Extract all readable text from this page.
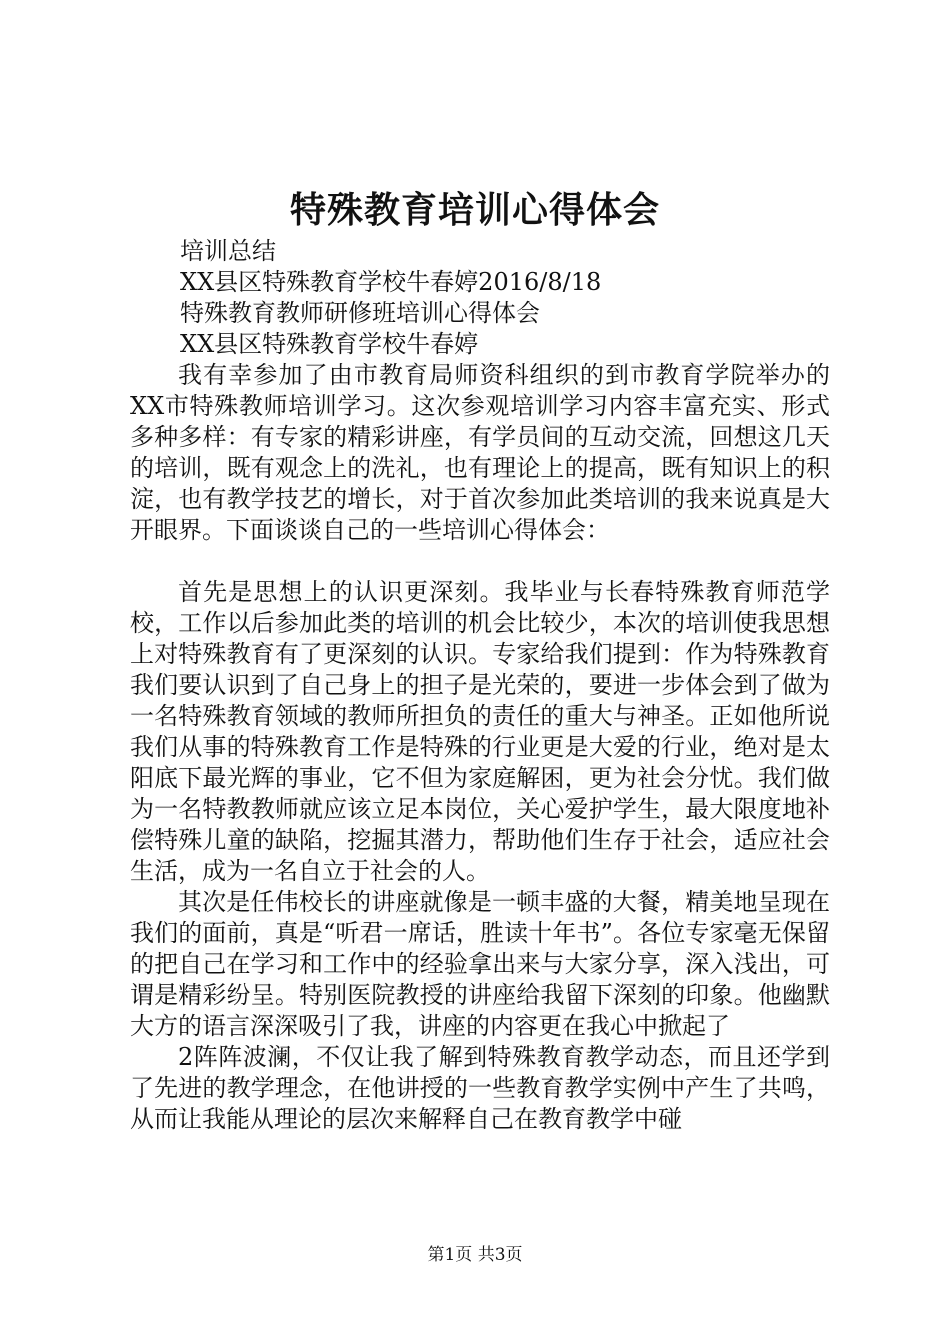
特殊教育培训心得体会

培训总结

XX县区特殊教育学校牛春婷2016/8/18

特殊教育教师研修班培训心得体会

XX县区特殊教育学校牛春婷

我有幸参加了由市教育局师资科组织的到市教育学院举办的XX市特殊教师培训学习。这次参观培训学习内容丰富充实、形式多种多样：有专家的精彩讲座，有学员间的互动交流，回想这几天的培训，既有观念上的洗礼，也有理论上的提高，既有知识上的积淀，也有教学技艺的增长，对于首次参加此类培训的我来说真是大开眼界。下面谈谈自己的一些培训心得体会：

首先是思想上的认识更深刻。我毕业与长春特殊教育师范学校，工作以后参加此类的培训的机会比较少，本次的培训使我思想上对特殊教育有了更深刻的认识。专家给我们提到：作为特殊教育我们要认识到了自己身上的担子是光荣的，要进一步体会到了做为一名特殊教育领域的教师所担负的责任的重大与神圣。正如他所说我们从事的特殊教育工作是特殊的行业更是大爱的行业，绝对是太阳底下最光辉的事业，它不但为家庭解困，更为社会分忧。我们做为一名特教教师就应该立足本岗位，关心爱护学生，最大限度地补偿特殊儿童的缺陷，挖掘其潜力，帮助他们生存于社会，适应社会生活，成为一名自立于社会的人。

其次是任伟校长的讲座就像是一顿丰盛的大餐，精美地呈现在我们的面前，真是“听君一席话，胜读十年书”。各位专家毫无保留的把自己在学习和工作中的经验拿出来与大家分享，深入浅出，可谓是精彩纷呈。特别医院教授的讲座给我留下深刻的印象。他幽默大方的语言深深吸引了我，讲座的内容更在我心中掀起了

2阵阵波澜，不仅让我了解到特殊教育教学动态，而且还学到了先进的教学理念，在他讲授的一些教育教学实例中产生了共鸣，从而让我能从理论的层次来解释自己在教育教学中碰

第1页 共3页
